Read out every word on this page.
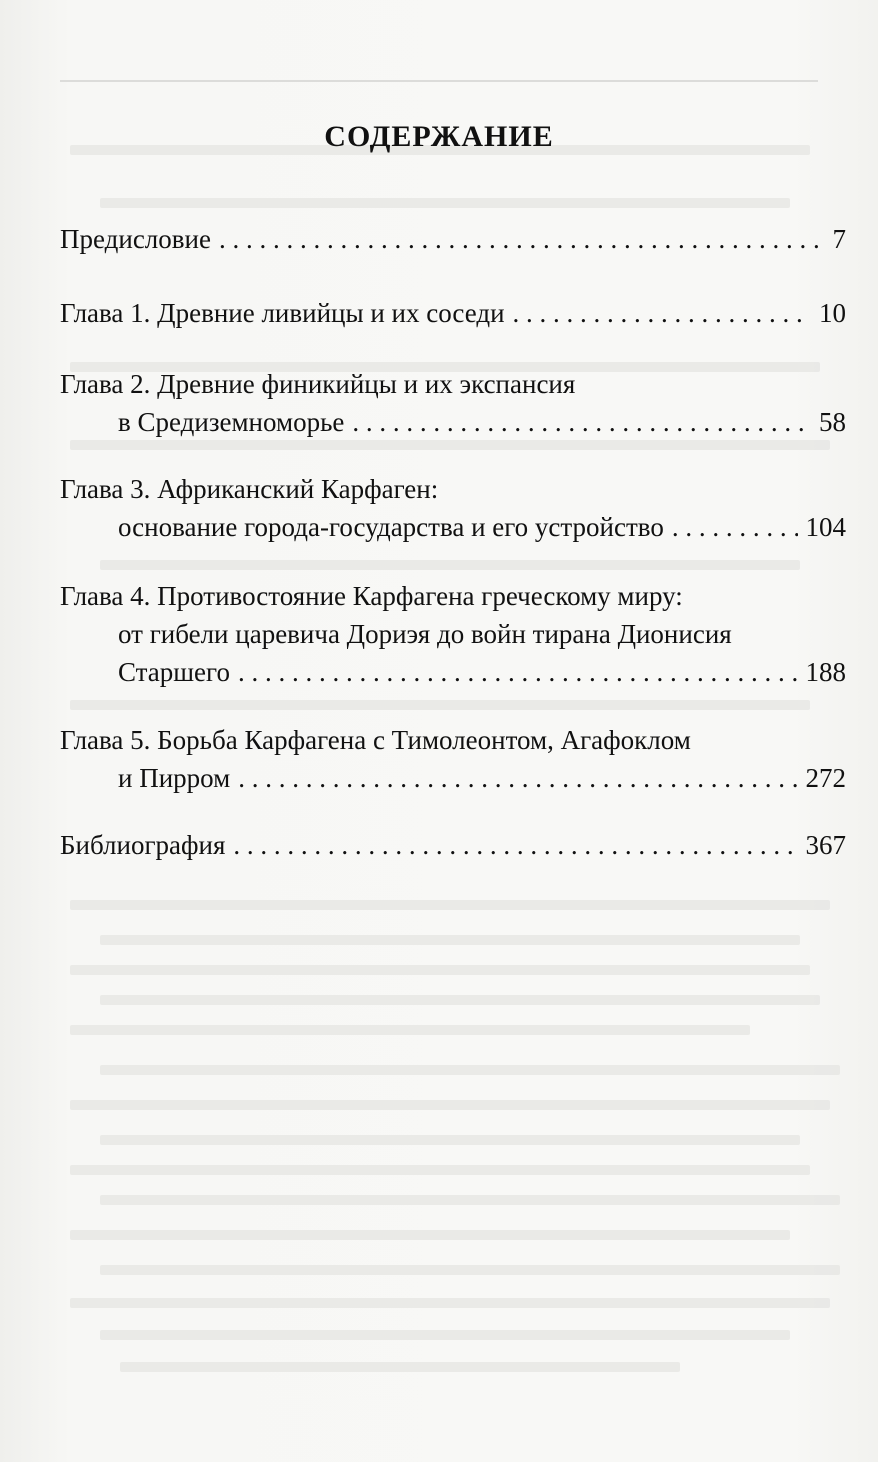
СОДЕРЖАНИЕ
Предисловие . . .	7
Глава 1. Древние ливийцы и их соседи . . .	10
Глава 2. Древние финикийцы и их экспансия
в Средиземноморье . . .	58
Глава 3. Африканский Карфаген:
основание города-государства и его устройство . . .	104
Глава 4. Противостояние Карфагена греческому миру:
от гибели царевича Дориэя до войн тирана Дионисия
Старшего . . .	188
Глава 5. Борьба Карфагена с Тимолеонтом, Агафоклом
и Пирром . . .	272
Библиография . . .	367
